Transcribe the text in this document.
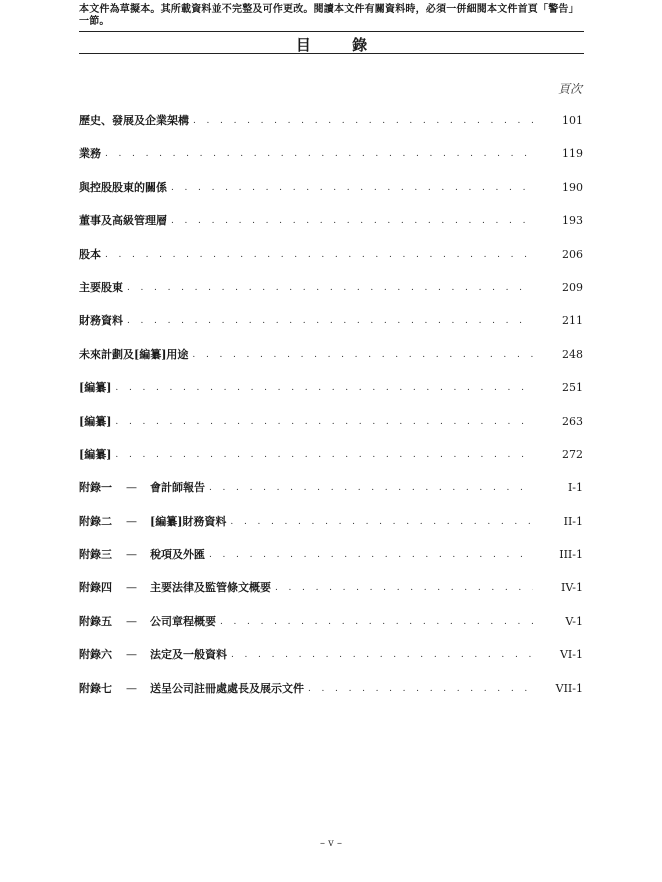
本文件為草擬本。其所載資料並不完整及可作更改。閱讀本文件有關資料時，必須一併細閱本文件首頁「警告」一節。
目 錄
頁次
歷史、發展及企業架構 . . .	101
業務 . . .	119
與控股股東的關係 . . .	190
董事及高級管理層 . . .	193
股本 . . .	206
主要股東 . . .	209
財務資料 . . .	211
未來計劃及[編纂]用途 . . .	248
[編纂] . . .	251
[編纂] . . .	263
[編纂] . . .	272
附錄一	—	會計師報告 . . .	I-1
附錄二	—	[編纂]財務資料 . . .	II-1
附錄三	—	稅項及外匯 . . .	III-1
附錄四	—	主要法律及監管條文概要 . . .	IV-1
附錄五	—	公司章程概要 . . .	V-1
附錄六	—	法定及一般資料 . . .	VI-1
附錄七	—	送呈公司註冊處處長及展示文件 . . .	VII-1
– v –
